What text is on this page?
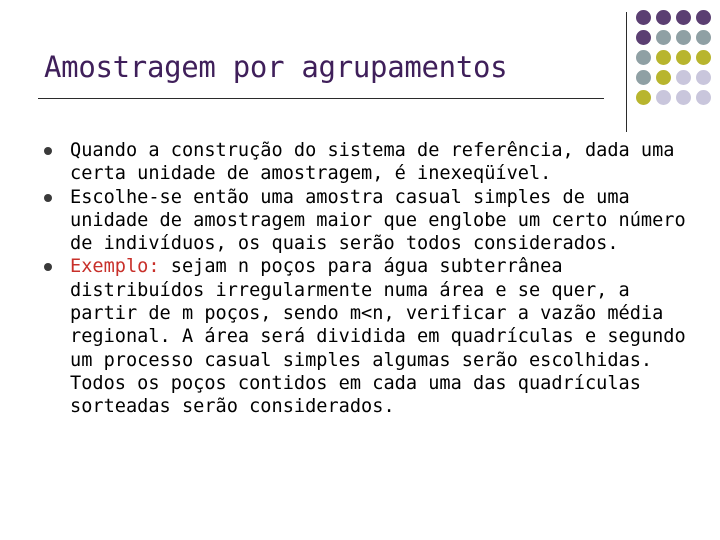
Amostragem por agrupamentos
Quando a construção do sistema de referência, dada uma certa unidade de amostragem, é inexeqüível.
Escolhe-se então uma amostra casual simples de uma unidade de amostragem maior que englobe um certo número de indivíduos, os quais serão todos considerados.
Exemplo: sejam n poços para água subterrânea distribuídos irregularmente numa área e se quer, a partir de m poços, sendo m<n, verificar a vazão média regional. A área será dividida em quadrículas e segundo um processo casual simples algumas serão escolhidas. Todos os poços contidos em cada uma das quadrículas sorteadas serão considerados.
